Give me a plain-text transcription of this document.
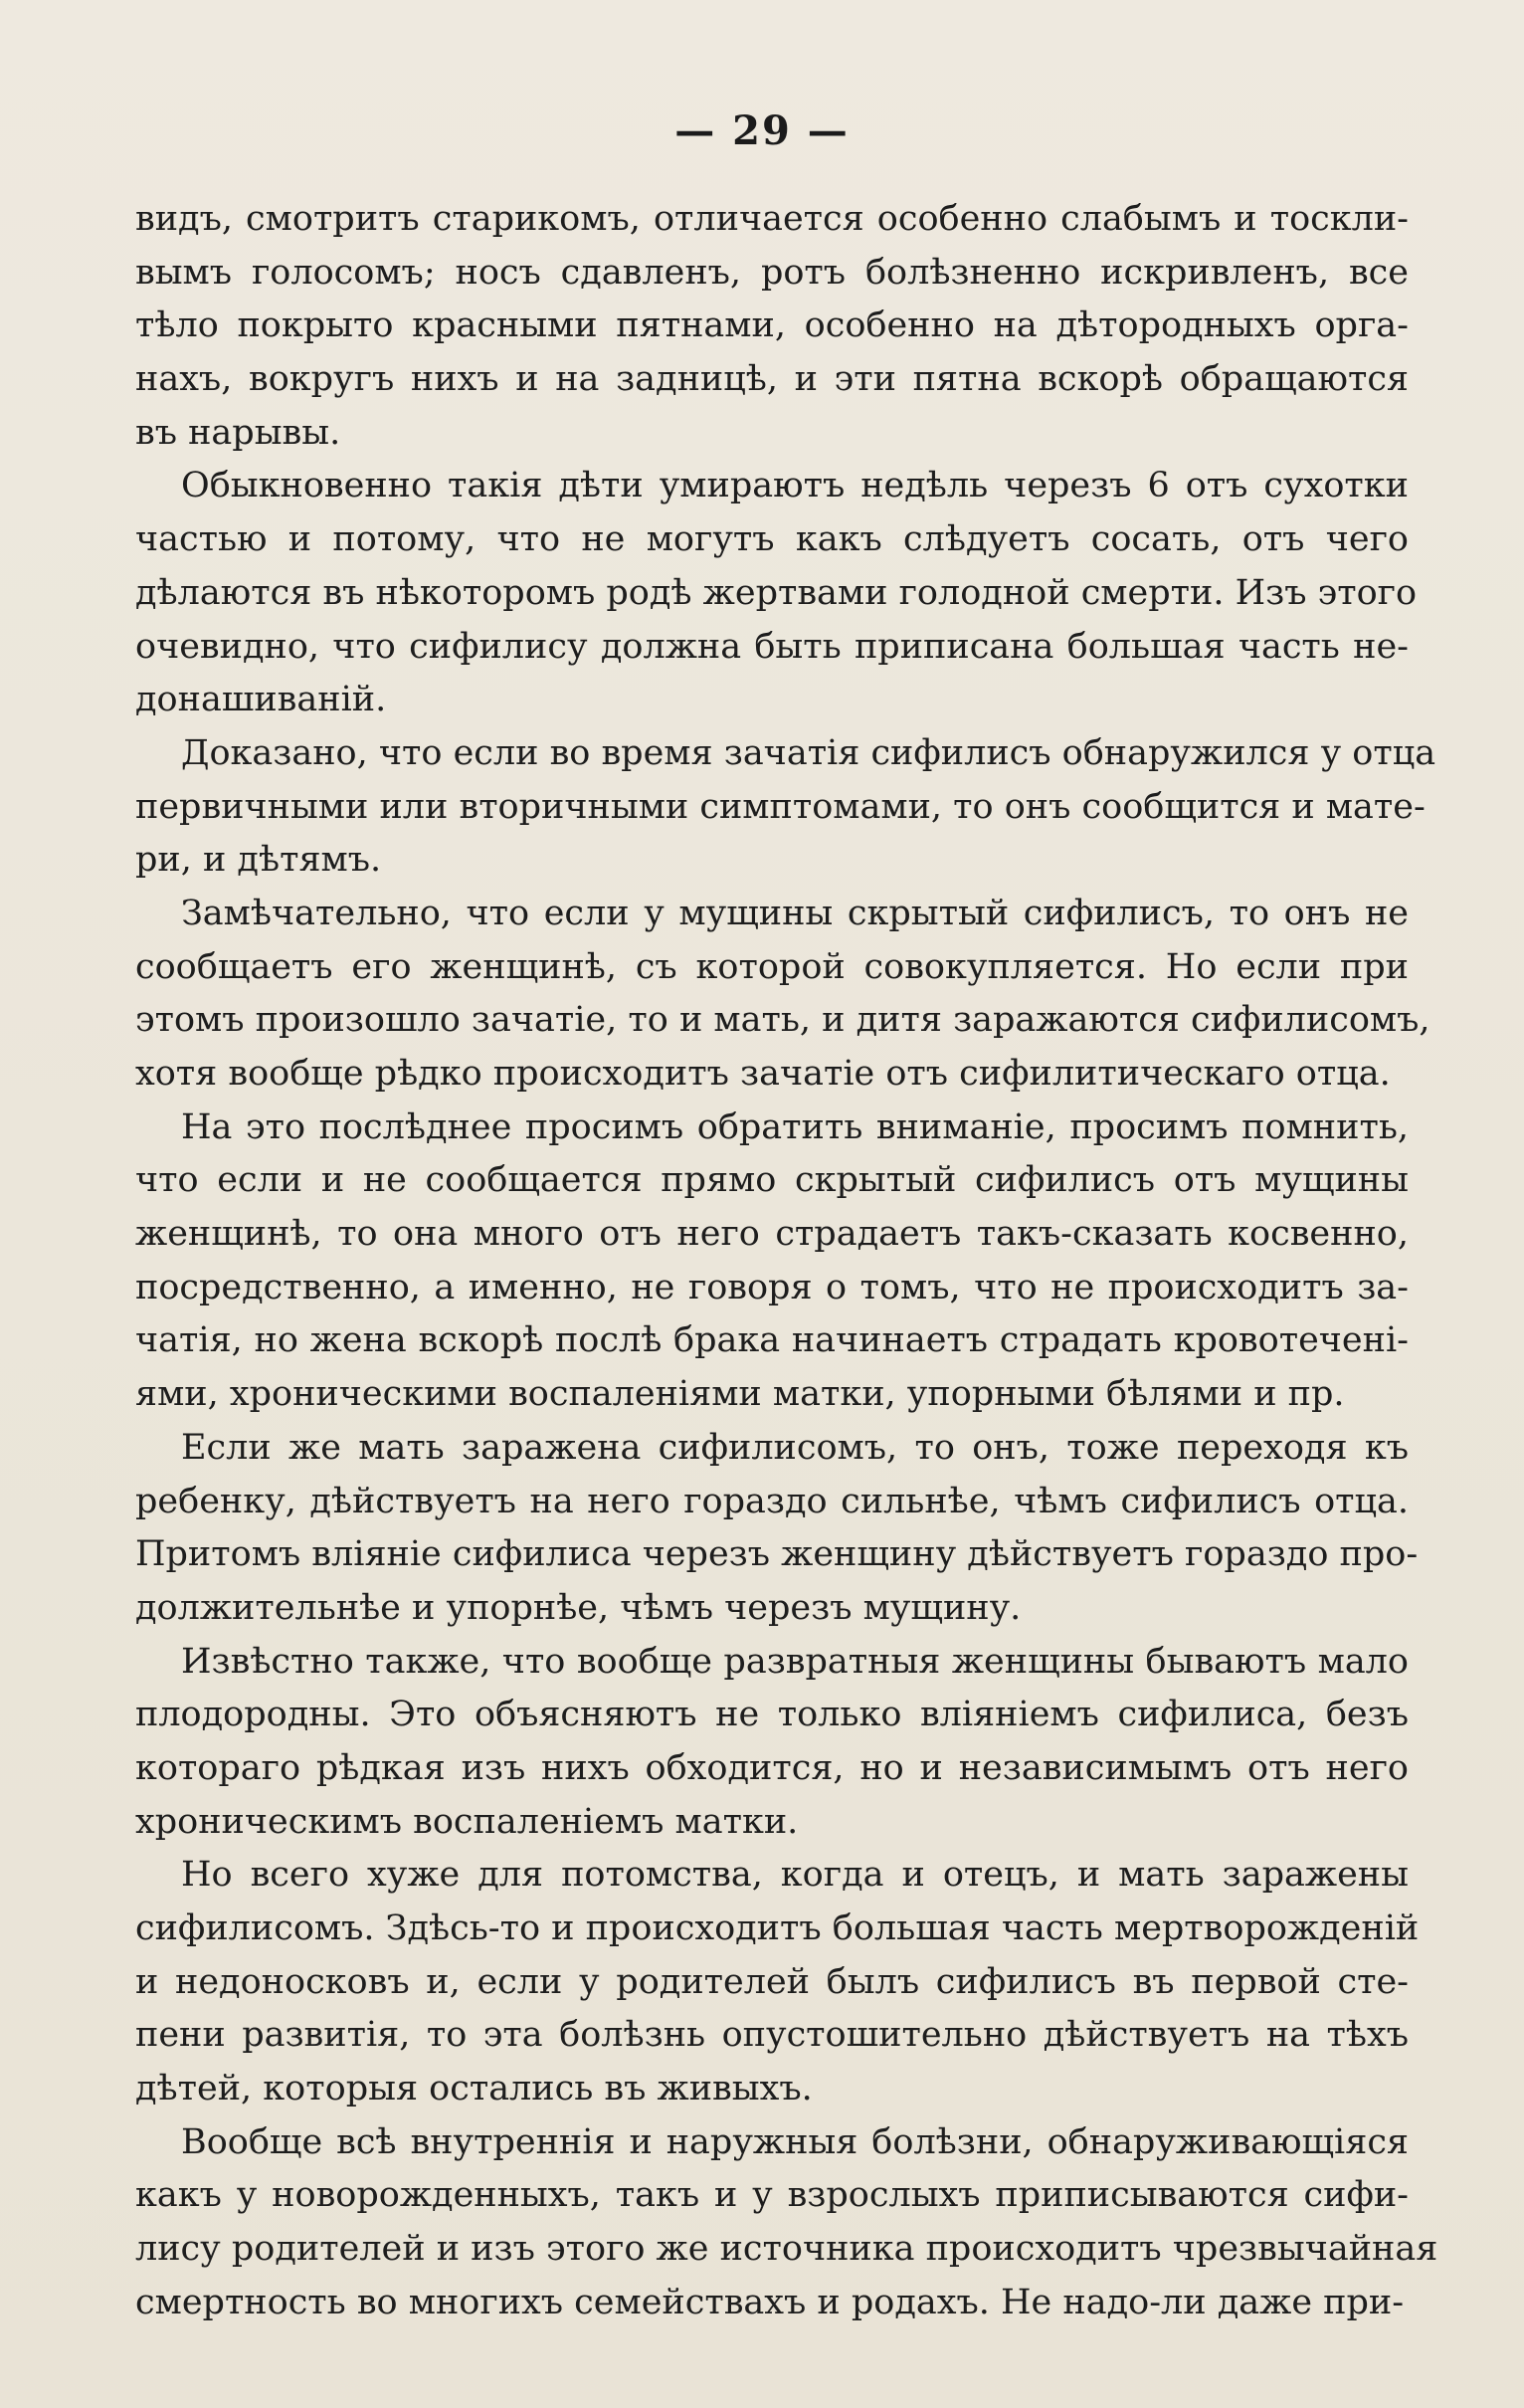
— 29 —
видъ, смотритъ старикомъ, отличается особенно слабымъ и тоскли-
вымъ голосомъ; носъ сдавленъ, ротъ болѣзненно искривленъ, все
тѣло покрыто красными пятнами, особенно на дѣтородныхъ орга-
нахъ, вокругъ нихъ и на задницѣ, и эти пятна вскорѣ обращаются
въ нарывы.
Обыкновенно такія дѣти умираютъ недѣль черезъ 6 отъ сухотки
частью и потому, что не могутъ какъ слѣдуетъ сосать, отъ чего
дѣлаются въ нѣкоторомъ родѣ жертвами голодной смерти. Изъ этого
очевидно, что сифилису должна быть приписана большая часть не-
донашиваній.
Доказано, что если во время зачатія сифилисъ обнаружился у отца
первичными или вторичными симптомами, то онъ сообщится и мате-
ри, и дѣтямъ.
Замѣчательно, что если у мущины скрытый сифилисъ, то онъ не
сообщаетъ его женщинѣ, съ которой совокупляется. Но если при
этомъ произошло зачатіе, то и мать, и дитя заражаются сифилисомъ,
хотя вообще рѣдко происходитъ зачатіе отъ сифилитическаго отца.
На это послѣднее просимъ обратить вниманіе, просимъ помнить,
что если и не сообщается прямо скрытый сифилисъ отъ мущины
женщинѣ, то она много отъ него страдаетъ такъ-сказать косвенно,
посредственно, а именно, не говоря о томъ, что не происходитъ за-
чатія, но жена вскорѣ послѣ брака начинаетъ страдать кровотеченi-
ями, хроническими воспаленіями матки, упорными бѣлями и пр.
Если же мать заражена сифилисомъ, то онъ, тоже переходя къ
ребенку, дѣйствуетъ на него гораздо сильнѣе, чѣмъ сифилисъ отца.
Притомъ вліяніе сифилиса черезъ женщину дѣйствуетъ гораздо про-
должительнѣе и упорнѣе, чѣмъ черезъ мущину.
Извѣстно также, что вообще развратныя женщины бываютъ мало
плодородны. Это объясняютъ не только вліяніемъ сифилиса, безъ
котораго рѣдкая изъ нихъ обходится, но и независимымъ отъ него
хроническимъ воспаленіемъ матки.
Но всего хуже для потомства, когда и отецъ, и мать заражены
сифилисомъ. Здѣсь-то и происходитъ большая часть мертворожденій
и недоносковъ и, если у родителей былъ сифилисъ въ первой сте-
пени развитія, то эта болѣзнь опустошительно дѣйствуетъ на тѣхъ
дѣтей, которыя остались въ живыхъ.
Вообще всѣ внутреннія и наружныя болѣзни, обнаруживающіяся
какъ у новорожденныхъ, такъ и у взрослыхъ приписываются сифи-
лису родителей и изъ этого же источника происходитъ чрезвычайная
смертность во многихъ семействахъ и родахъ. Не надо-ли даже при-
